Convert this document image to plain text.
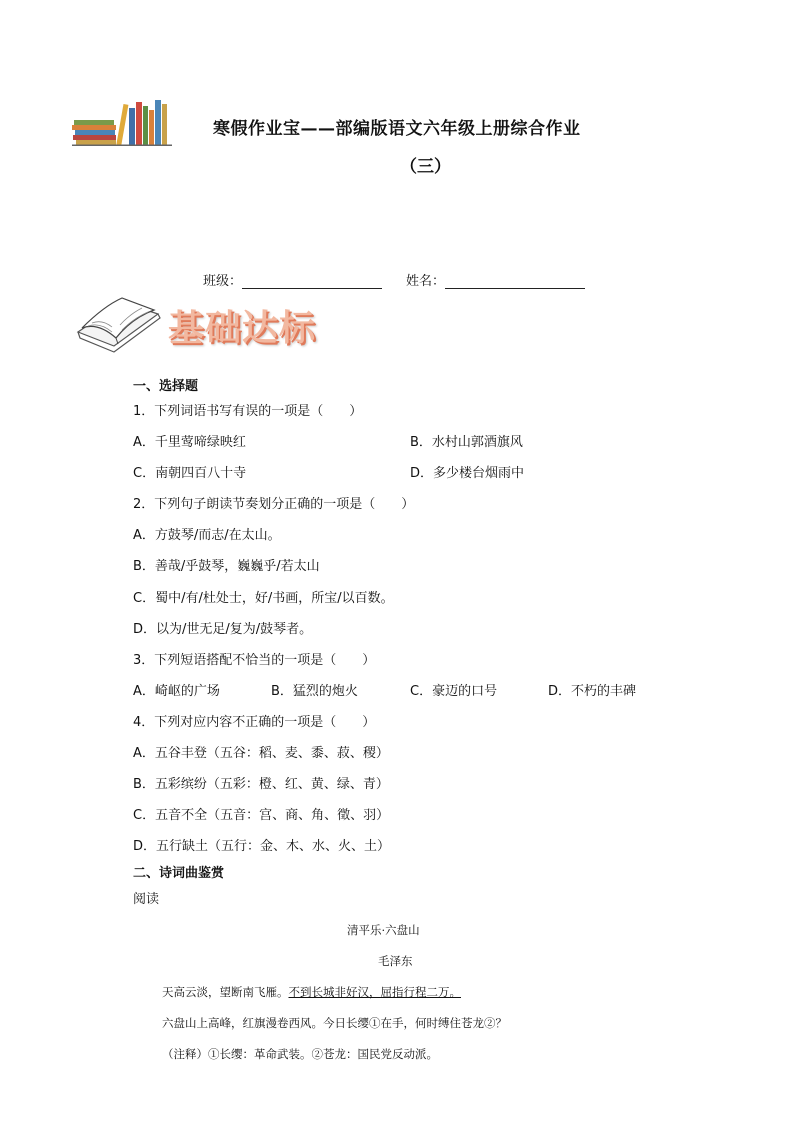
寒假作业宝——部编版语文六年级上册综合作业
（三）
班级：	姓名：
基础达标
一、选择题
1．下列词语书写有误的一项是（　　）
A．千里莺啼绿映红	B．水村山郭酒旗风
C．南朝四百八十寺	D．多少楼台烟雨中
2．下列句子朗读节奏划分正确的一项是（　　）
A．方鼓琴/而志/在太山。
B．善哉/乎鼓琴，巍巍乎/若太山
C．蜀中/有/杜处士，好/书画，所宝/以百数。
D．以为/世无足/复为/鼓琴者。
3．下列短语搭配不恰当的一项是（　　）
A．崎岖的广场	B．猛烈的炮火	C．豪迈的口号	D．不朽的丰碑
4．下列对应内容不正确的一项是（　　）
A．五谷丰登（五谷：稻、麦、黍、菽、稷）
B．五彩缤纷（五彩：橙、红、黄、绿、青）
C．五音不全（五音：宫、商、角、徵、羽）
D．五行缺土（五行：金、木、水、火、土）
二、诗词曲鉴赏
阅读
清平乐·六盘山
毛泽东
天高云淡，望断南飞雁。不到长城非好汉，屈指行程二万。
六盘山上高峰，红旗漫卷西风。今日长缨①在手，何时缚住苍龙②？
（注释）①长缨：革命武装。②苍龙：国民党反动派。
